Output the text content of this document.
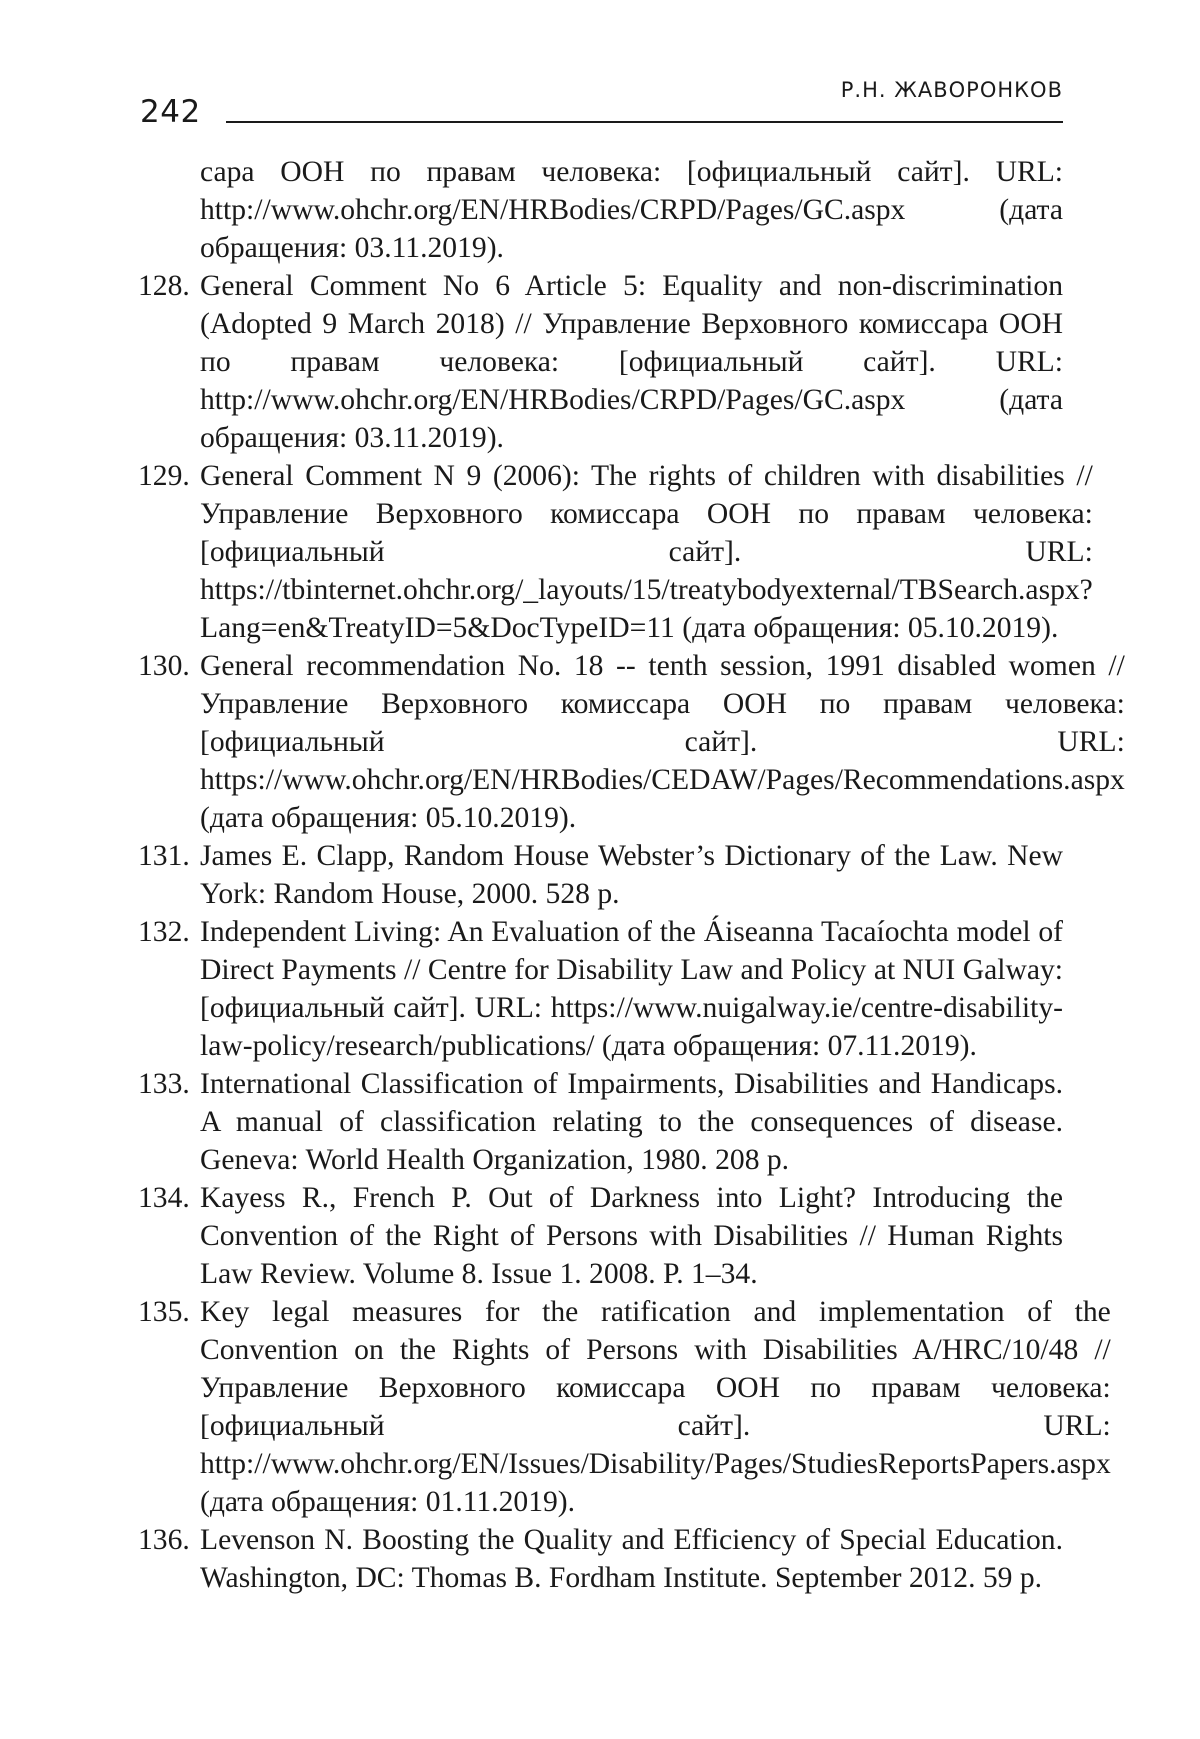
242
Р.Н. ЖАВОРОНКОВ
сара ООН по правам человека: [официальный сайт]. URL: http://www.ohchr.org/EN/HRBodies/CRPD/Pages/GC.aspx (дата обращения: 03.11.2019).
128. General Comment No 6 Article 5: Equality and non-discrimination (Adopted 9 March 2018) // Управление Верховного комиссара ООН по правам человека: [официальный сайт]. URL: http://www.ohchr.org/EN/HRBodies/CRPD/Pages/GC.aspx (дата обращения: 03.11.2019).
129. General Comment N 9 (2006): The rights of children with disabilities // Управление Верховного комиссара ООН по правам человека: [официальный сайт]. URL: https://tbinternet.ohchr.org/_layouts/15/treatybodyexternal/TBSearch.aspx?Lang=en&TreatyID=5&DocTypeID=11 (дата обращения: 05.10.2019).
130. General recommendation No. 18 -- tenth session, 1991 disabled women // Управление Верховного комиссара ООН по правам человека: [официальный сайт]. URL: https://www.ohchr.org/EN/HRBodies/CEDAW/Pages/Recommendations.aspx (дата обращения: 05.10.2019).
131. James E. Clapp, Random House Webster’s Dictionary of the Law. New York: Random House, 2000. 528 p.
132. Independent Living: An Evaluation of the Áiseanna Tacaíochta model of Direct Payments // Centre for Disability Law and Policy at NUI Galway: [официальный сайт]. URL: https://www.nuigalway.ie/centre-disability-law-policy/research/publications/ (дата обращения: 07.11.2019).
133. International Classification of Impairments, Disabilities and Handicaps. A manual of classification relating to the consequences of disease. Geneva: World Health Organization, 1980. 208 p.
134. Kayess R., French P. Out of Darkness into Light? Introducing the Convention of the Right of Persons with Disabilities // Human Rights Law Review. Volume 8. Issue 1. 2008. P. 1–34.
135. Key legal measures for the ratification and implementation of the Convention on the Rights of Persons with Disabilities A/HRC/10/48 // Управление Верховного комиссара ООН по правам человека: [официальный сайт]. URL: http://www.ohchr.org/EN/Issues/Disability/Pages/StudiesReportsPapers.aspx (дата обращения: 01.11.2019).
136. Levenson N. Boosting the Quality and Efficiency of Special Education. Washington, DC: Thomas B. Fordham Institute. September 2012. 59 p.
